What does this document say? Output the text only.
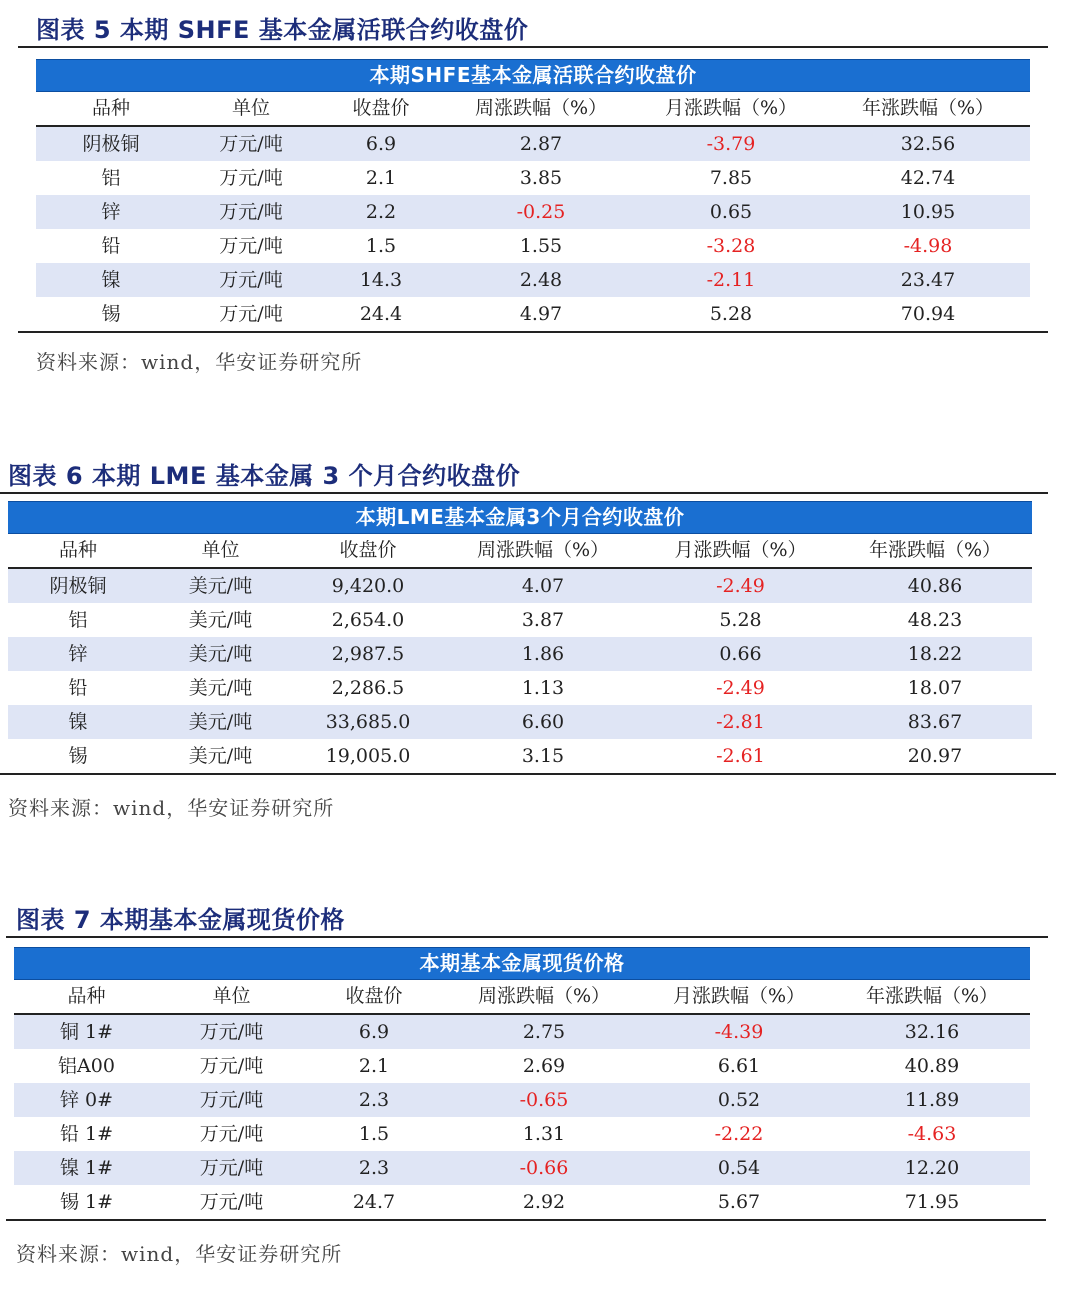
图表 5 本期 SHFE 基本金属活联合约收盘价
本期SHFE基本金属活联合约收盘价
品种	单位	收盘价	周涨跌幅（%）	月涨跌幅（%）	年涨跌幅（%）
阴极铜	万元/吨	6.9	2.87	-3.79	32.56
铝	万元/吨	2.1	3.85	7.85	42.74
锌	万元/吨	2.2	-0.25	0.65	10.95
铅	万元/吨	1.5	1.55	-3.28	-4.98
镍	万元/吨	14.3	2.48	-2.11	23.47
锡	万元/吨	24.4	4.97	5.28	70.94
资料来源：wind，华安证券研究所
图表 6 本期 LME 基本金属 3 个月合约收盘价
本期LME基本金属3个月合约收盘价
品种	单位	收盘价	周涨跌幅（%）	月涨跌幅（%）	年涨跌幅（%）
阴极铜	美元/吨	9,420.0	4.07	-2.49	40.86
铝	美元/吨	2,654.0	3.87	5.28	48.23
锌	美元/吨	2,987.5	1.86	0.66	18.22
铅	美元/吨	2,286.5	1.13	-2.49	18.07
镍	美元/吨	33,685.0	6.60	-2.81	83.67
锡	美元/吨	19,005.0	3.15	-2.61	20.97
资料来源：wind，华安证券研究所
图表 7 本期基本金属现货价格
本期基本金属现货价格
品种	单位	收盘价	周涨跌幅（%）	月涨跌幅（%）	年涨跌幅（%）
铜 1#	万元/吨	6.9	2.75	-4.39	32.16
铝A00	万元/吨	2.1	2.69	6.61	40.89
锌 0#	万元/吨	2.3	-0.65	0.52	11.89
铅 1#	万元/吨	1.5	1.31	-2.22	-4.63
镍 1#	万元/吨	2.3	-0.66	0.54	12.20
锡 1#	万元/吨	24.7	2.92	5.67	71.95
资料来源：wind，华安证券研究所
